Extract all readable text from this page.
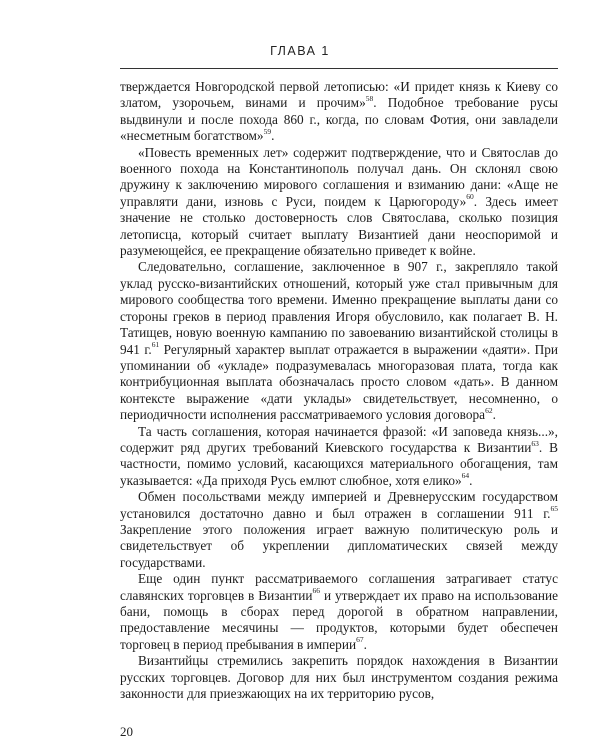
ГЛАВА 1

тверждается Новгородской первой летописью: «И придет князь к Киеву со златом, узорочьем, винами и прочим»$^{58}$. Подобное требование русы выдвинули и после похода 860 г., когда, по словам Фотия, они завладели «несметным богатством»$^{59}$.

«Повесть временных лет» содержит подтверждение, что и Святослав до военного похода на Константинополь получал дань. Он склонял свою дружину к заключению мирового соглашения и взиманию дани: «Аще не управляти дани, изновь с Руси, поидем к Царюгороду»$^{60}$. Здесь имеет значение не столько достоверность слов Святослава, сколько позиция летописца, который считает выплату Византией дани неоспоримой и разумеющейся, ее прекращение обязательно приведет к войне.

Следовательно, соглашение, заключенное в 907 г., закрепляло такой уклад русско-византийских отношений, который уже стал привычным для мирового сообщества того времени. Именно прекращение выплаты дани со стороны греков в период правления Игоря обусловило, как полагает В. Н. Татищев, новую военную кампанию по завоеванию византийской столицы в 941 г.$^{61}$ Регулярный характер выплат отражается в выражении «даяти». При упоминании об «укладе» подразумевалась многоразовая плата, тогда как контрибуционная выплата обозначалась просто словом «дать». В данном контексте выражение «дати уклады» свидетельствует, несомненно, о периодичности исполнения рассматриваемого условия договора$^{62}$.

Та часть соглашения, которая начинается фразой: «И заповеда князь...», содержит ряд других требований Киевского государства к Византии$^{63}$. В частности, помимо условий, касающихся материального обогащения, там указывается: «Да приходя Русь емлют слюбное, хотя елико»$^{64}$.

Обмен посольствами между империей и Древнерусским государством установился достаточно давно и был отражен в соглашении 911 г.$^{65}$ Закрепление этого положения играет важную политическую роль и свидетельствует об укреплении дипломатических связей между государствами.

Еще один пункт рассматриваемого соглашения затрагивает статус славянских торговцев в Византии$^{66}$ и утверждает их право на использование бани, помощь в сборах перед дорогой в обратном направлении, предоставление месячины — продуктов, которыми будет обеспечен торговец в период пребывания в империи$^{67}$.

Византийцы стремились закрепить порядок нахождения в Византии русских торговцев. Договор для них был инструментом создания режима законности для приезжающих на их территорию русов,

20
